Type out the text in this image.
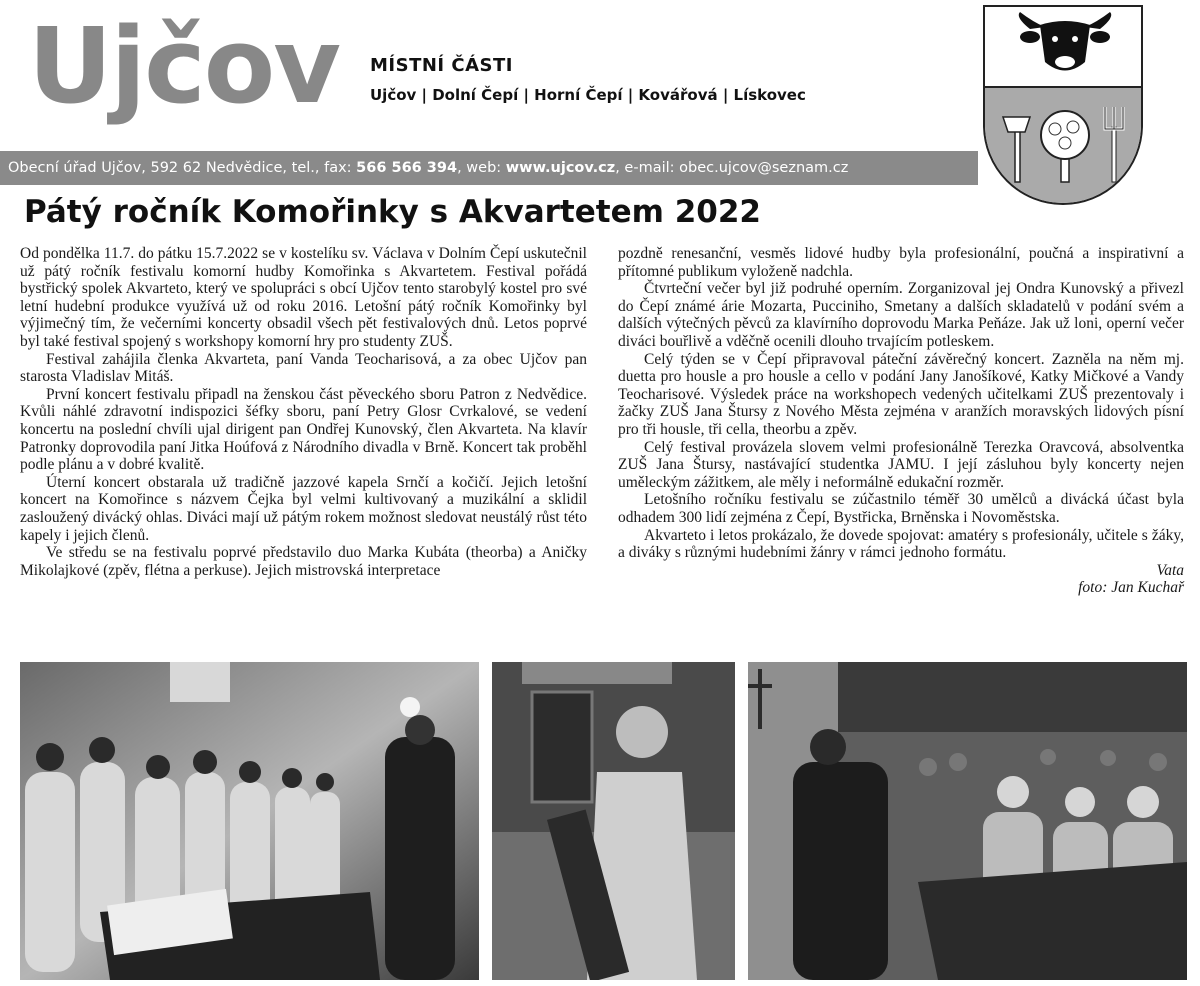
Ujčov MÍSTNÍ ČÁSTI
Ujčov | Dolní Čepí | Horní Čepí | Kovářová | Lískovec
Obecní úřad Ujčov, 592 62 Nedvědice, tel., fax: 566 566 394, web: www.ujcov.cz, e-mail: obec.ujcov@seznam.cz
Pátý ročník Komořinky s Akvartetem 2022

Od pondělka 11.7. do pátku 15.7.2022 se v kostelíku sv. Václava v Dolním Čepí uskutečnil už pátý ročník festivalu komorní hudby Komořinka s Akvartetem. Festival pořádá bystřický spolek Akvarteto, který ve spolupráci s obcí Ujčov tento starobylý kostel pro své letní hudební produkce využívá už od roku 2016. Letošní pátý ročník Komořinky byl výjimečný tím, že večerními koncerty obsadil všech pět festivalových dnů. Letos poprvé byl také festival spojený s workshopy komorní hry pro studenty ZUŠ.

Festival zahájila členka Akvarteta, paní Vanda Teocharisová, a za obec Ujčov pan starosta Vladislav Mitáš.

První koncert festivalu připadl na ženskou část pěveckého sboru Patron z Nedvědice. Kvůli náhlé zdravotní indispozici šéfky sboru, paní Petry Glosr Cvrkalové, se vedení koncertu na poslední chvíli ujal dirigent pan Ondřej Kunovský, člen Akvarteta. Na klavír Patronky doprovodila paní Jitka Hoúfová z Národního divadla v Brně. Koncert tak proběhl podle plánu a v dobré kvalitě.

Úterní koncert obstarala už tradičně jazzové kapela Srnčí a kočičí. Jejich letošní koncert na Komořince s názvem Čejka byl velmi kultivovaný a muzikální a sklidil zasloužený divácký ohlas. Diváci mají už pátým rokem možnost sledovat neustálý růst této kapely i jejich členů.

Ve středu se na festivalu poprvé představilo duo Marka Kubáta (theorba) a Aničky Mikolajkové (zpěv, flétna a perkuse). Jejich mistrovská interpretace

pozdně renesanční, vesměs lidové hudby byla profesionální, poučná a inspirativní a přítomné publikum vyloženě nadchla.

Čtvrteční večer byl již podruhé operním. Zorganizoval jej Ondra Kunovský a přivezl do Čepí známé árie Mozarta, Pucciniho, Smetany a dalších skladatelů v podání svém a dalších výtečných pěvců za klavírního doprovodu Marka Peňáze. Jak už loni, operní večer diváci bouřlivě a vděčně ocenili dlouho trvajícím potleskem.

Celý týden se v Čepí připravoval páteční závěrečný koncert. Zazněla na něm mj. duetta pro housle a pro housle a cello v podání Jany Janošíkové, Katky Mičkové a Vandy Teocharisové. Výsledek práce na workshopech vedených učitelkami ZUŠ prezentovaly i žačky ZUŠ Jana Štursy z Nového Města zejména v aranžích moravských lidových písní pro tři housle, tři cella, theorbu a zpěv.

Celý festival provázela slovem velmi profesionálně Terezka Oravcová, absolventka ZUŠ Jana Štursy, nastávající studentka JAMU. I její zásluhou byly koncerty nejen uměleckým zážitkem, ale měly i neformálně edukační rozměr.

Letošního ročníku festivalu se zúčastnilo téměř 30 umělců a divácká účast byla odhadem 300 lidí zejména z Čepí, Bystřicka, Brněnska i Novoměstska.

Akvarteto i letos prokázalo, že dovede spojovat: amatéry s profesionály, učitele s žáky, a diváky s různými hudebními žánry v rámci jednoho formátu.

Vata

foto: Jan Kuchař
